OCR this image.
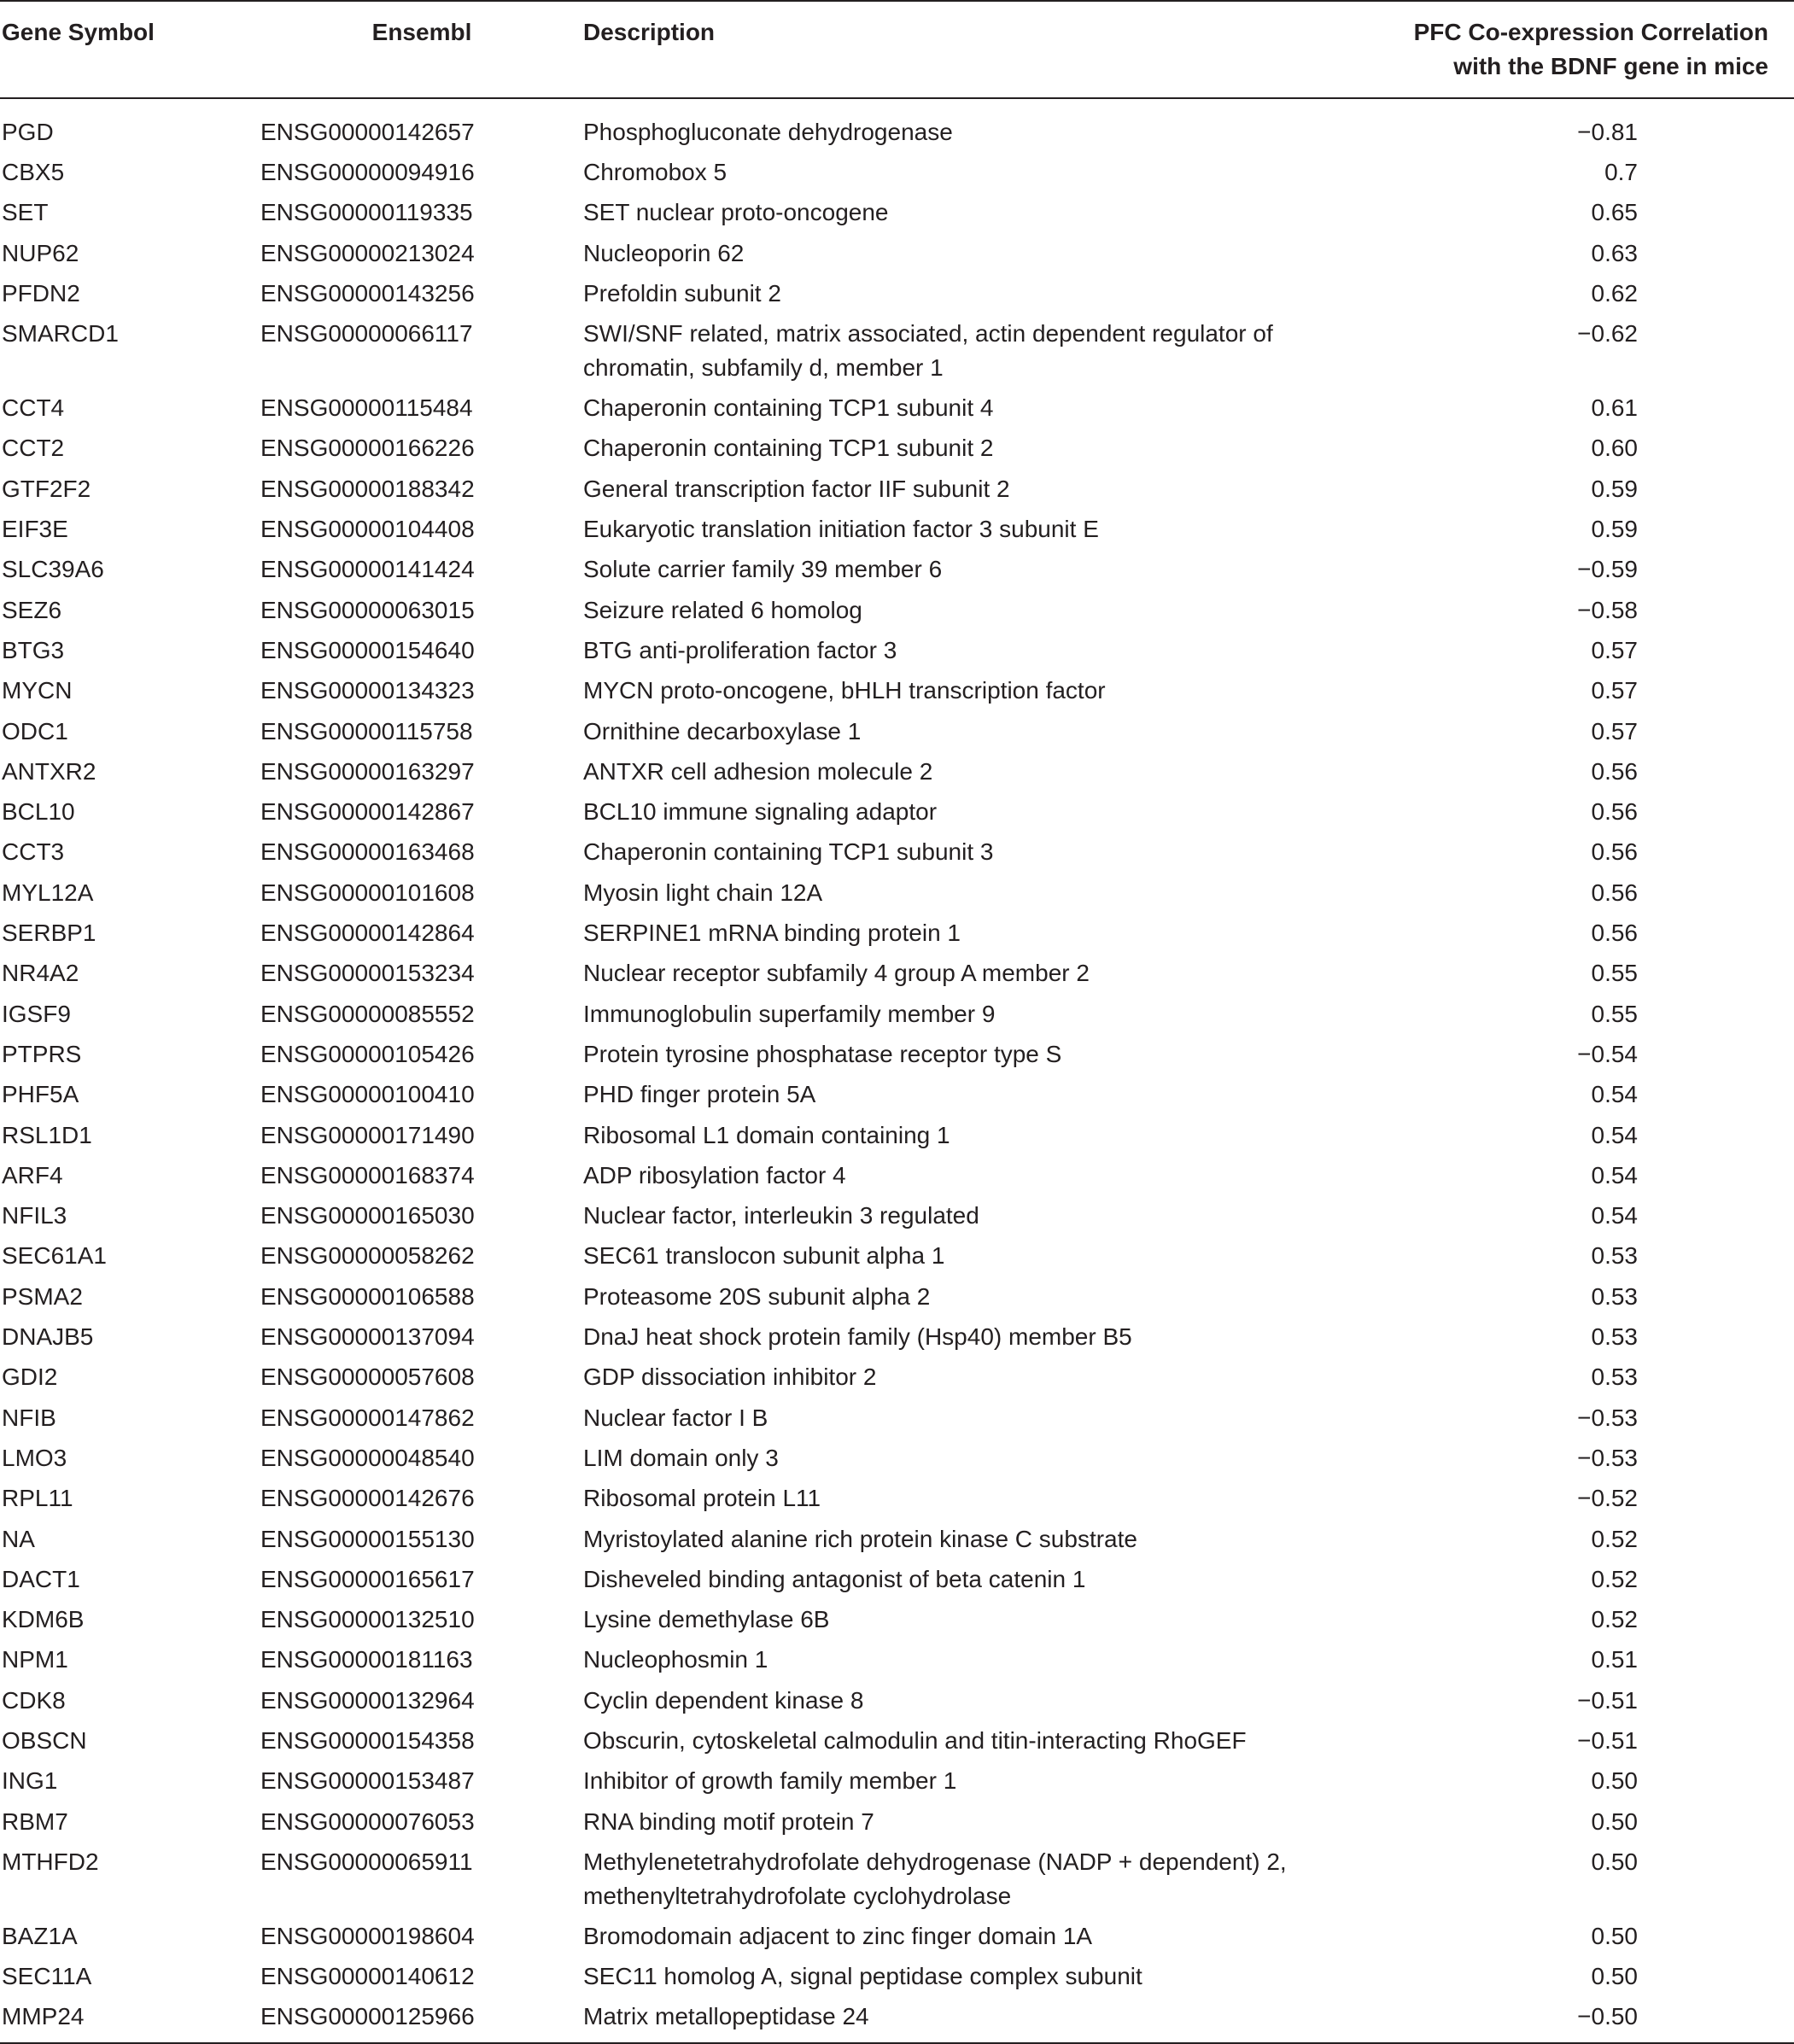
Gene Symbol	Ensembl	Description	PFC Co-expression Correlation
with the BDNF gene in mice

PGD	ENSG00000142657	Phosphogluconate dehydrogenase	−0.81
CBX5	ENSG00000094916	Chromobox 5	0.7
SET	ENSG00000119335	SET nuclear proto-oncogene	0.65
NUP62	ENSG00000213024	Nucleoporin 62	0.63
PFDN2	ENSG00000143256	Prefoldin subunit 2	0.62
SMARCD1	ENSG00000066117	SWI/SNF related, matrix associated, actin dependent regulator of chromatin, subfamily d, member 1	−0.62
CCT4	ENSG00000115484	Chaperonin containing TCP1 subunit 4	0.61
CCT2	ENSG00000166226	Chaperonin containing TCP1 subunit 2	0.60
GTF2F2	ENSG00000188342	General transcription factor IIF subunit 2	0.59
EIF3E	ENSG00000104408	Eukaryotic translation initiation factor 3 subunit E	0.59
SLC39A6	ENSG00000141424	Solute carrier family 39 member 6	−0.59
SEZ6	ENSG00000063015	Seizure related 6 homolog	−0.58
BTG3	ENSG00000154640	BTG anti-proliferation factor 3	0.57
MYCN	ENSG00000134323	MYCN proto-oncogene, bHLH transcription factor	0.57
ODC1	ENSG00000115758	Ornithine decarboxylase 1	0.57
ANTXR2	ENSG00000163297	ANTXR cell adhesion molecule 2	0.56
BCL10	ENSG00000142867	BCL10 immune signaling adaptor	0.56
CCT3	ENSG00000163468	Chaperonin containing TCP1 subunit 3	0.56
MYL12A	ENSG00000101608	Myosin light chain 12A	0.56
SERBP1	ENSG00000142864	SERPINE1 mRNA binding protein 1	0.56
NR4A2	ENSG00000153234	Nuclear receptor subfamily 4 group A member 2	0.55
IGSF9	ENSG00000085552	Immunoglobulin superfamily member 9	0.55
PTPRS	ENSG00000105426	Protein tyrosine phosphatase receptor type S	−0.54
PHF5A	ENSG00000100410	PHD finger protein 5A	0.54
RSL1D1	ENSG00000171490	Ribosomal L1 domain containing 1	0.54
ARF4	ENSG00000168374	ADP ribosylation factor 4	0.54
NFIL3	ENSG00000165030	Nuclear factor, interleukin 3 regulated	0.54
SEC61A1	ENSG00000058262	SEC61 translocon subunit alpha 1	0.53
PSMA2	ENSG00000106588	Proteasome 20S subunit alpha 2	0.53
DNAJB5	ENSG00000137094	DnaJ heat shock protein family (Hsp40) member B5	0.53
GDI2	ENSG00000057608	GDP dissociation inhibitor 2	0.53
NFIB	ENSG00000147862	Nuclear factor I B	−0.53
LMO3	ENSG00000048540	LIM domain only 3	−0.53
RPL11	ENSG00000142676	Ribosomal protein L11	−0.52
NA	ENSG00000155130	Myristoylated alanine rich protein kinase C substrate	0.52
DACT1	ENSG00000165617	Disheveled binding antagonist of beta catenin 1	0.52
KDM6B	ENSG00000132510	Lysine demethylase 6B	0.52
NPM1	ENSG00000181163	Nucleophosmin 1	0.51
CDK8	ENSG00000132964	Cyclin dependent kinase 8	−0.51
OBSCN	ENSG00000154358	Obscurin, cytoskeletal calmodulin and titin-interacting RhoGEF	−0.51
ING1	ENSG00000153487	Inhibitor of growth family member 1	0.50
RBM7	ENSG00000076053	RNA binding motif protein 7	0.50
MTHFD2	ENSG00000065911	Methylenetetrahydrofolate dehydrogenase (NADP + dependent) 2, methenyltetrahydrofolate cyclohydrolase	0.50
BAZ1A	ENSG00000198604	Bromodomain adjacent to zinc finger domain 1A	0.50
SEC11A	ENSG00000140612	SEC11 homolog A, signal peptidase complex subunit	0.50
MMP24	ENSG00000125966	Matrix metallopeptidase 24	−0.50
